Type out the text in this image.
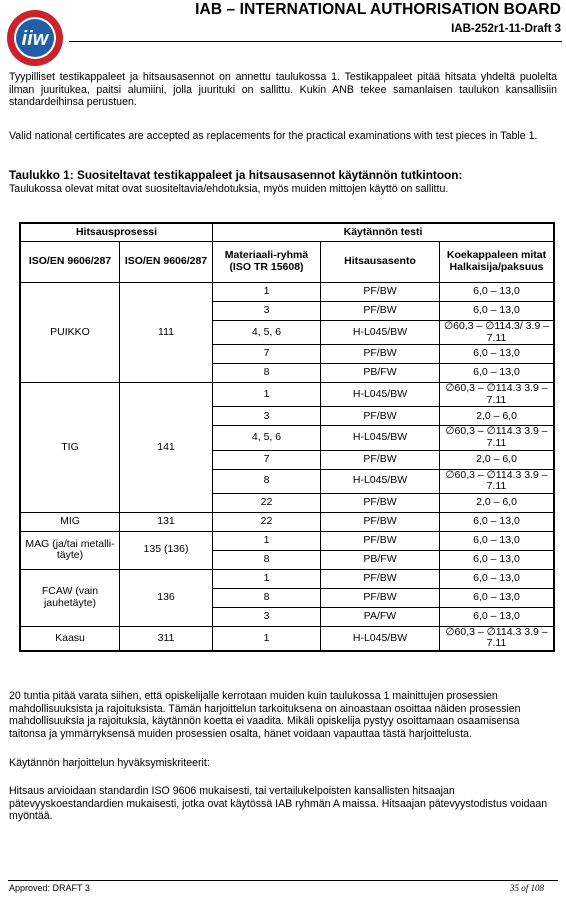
iiw
IAB – INTERNATIONAL AUTHORISATION BOARD
IAB-252r1-11-Draft 3

Tyypilliset testikappaleet ja hitsausasennot on annettu taulukossa 1. Testikappaleet pitää hitsata yhdeltä puolelta ilman juuritukea, paitsi alumiini, jolla juurituki on sallittu. Kukin ANB tekee samanlaisen taulukon kansallisiin standardeihinsa perustuen.

Valid national certificates are accepted as replacements for the practical examinations with test pieces in Table 1.

Taulukko 1: Suositeltavat testikappaleet ja hitsausasennot käytännön tutkintoon:
Taulukossa olevat mitat ovat suositeltavia/ehdotuksia, myös muiden mittojen käyttö on sallittu.
Hitsausprosessi		Käytännön testi		
ISO/EN 9606/287	ISO/EN 9606/287	Materiaali-ryhmä (ISO TR 15608)	Hitsausasento	Koekappaleen mitat Halkaisija/paksuus
PUIKKO	111	1	PF/BW	6,0 – 13,0
		3	PF/BW	6,0 – 13,0
		4, 5, 6	H-L045/BW	∅60,3 – ∅114.3/ 3.9 – 7.11
		7	PF/BW	6,0 – 13,0
		8	PB/FW	6,0 – 13,0
TIG	141	1	H-L045/BW	∅60,3 – ∅114.3 3.9 – 7.11
		3	PF/BW	2,0 – 6,0
		4, 5, 6	H-L045/BW	∅60,3 – ∅114.3 3.9 – 7.11
		7	PF/BW	2,0 – 6,0
		8	H-L045/BW	∅60,3 – ∅114.3 3.9 – 7.11
		22	PF/BW	2,0 – 6,0
MIG	131	22	PF/BW	6,0 – 13,0
MAG (ja/tai metalli-täyte)	135 (136)	1	PF/BW	6,0 – 13,0
		8	PB/FW	6,0 – 13,0
FCAW (vain jauhetäyte)	136	1	PF/BW	6,0 – 13,0
		8	PF/BW	6,0 – 13,0
		3	PA/FW	6,0 – 13,0
Kaasu	311	1	H-L045/BW	∅60,3 – ∅114.3 3.9 – 7.11

20 tuntia pitää varata siihen, että opiskelijalle kerrotaan muiden kuin taulukossa 1 mainittujen prosessien mahdollisuuksista ja rajoituksista. Tämän harjoittelun tarkoituksena on ainoastaan osoittaa näiden prosessien mahdollisuuksia ja rajoituksia, käytännön koetta ei vaadita. Mikäli opiskelija pystyy osoittamaan osaamisensa taitonsa ja ymmärryksensä muiden prosessien osalta, hänet voidaan vapauttaa tästä harjoittelusta.

Käytännön harjoittelun hyväksymiskriteerit:

Hitsaus arvioidaan standardin ISO 9606 mukaisesti, tai vertailukelpoisten kansallisten hitsaajan pätevyyskoestandardien mukaisesti, jotka ovat käytössä IAB ryhmän A maissa. Hitsaajan pätevyystodistus voidaan myöntää.

Approved: DRAFT 3	35 of 108
